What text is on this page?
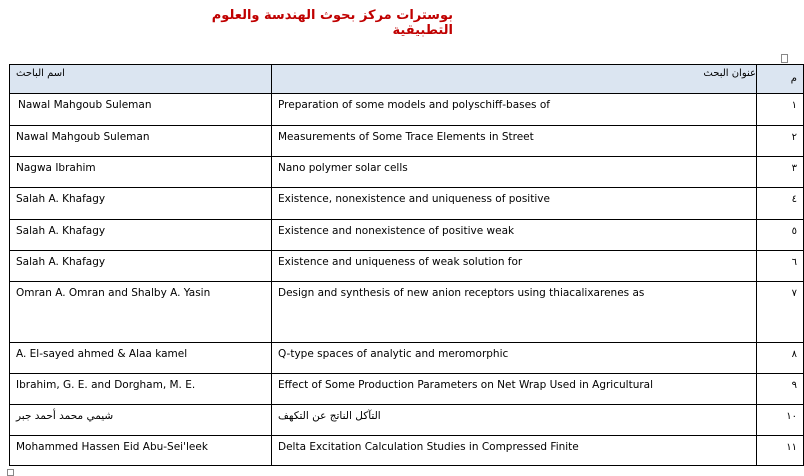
بوسترات مركز بحوث الهندسة والعلوم التطبيقية
اسم الباحث	عنوان البحث	م

Nawal Mahgoub Suleman	Preparation of some models and polyschiff-bases of	١

Nawal Mahgoub Suleman	Measurements of Some Trace Elements in Street	٢

Nagwa Ibrahim	Nano polymer solar cells	٣

Salah A. Khafagy	Existence, nonexistence and uniqueness of positive	٤

Salah A. Khafagy	Existence and nonexistence of positive weak	٥

Salah A. Khafagy	Existence and uniqueness of weak solution for	٦

Omran A. Omran and Shalby A. Yasin	Design and synthesis of new anion receptors using thiacalixarenes as	٧

A. El-sayed ahmed & Alaa kamel	Q-type spaces of analytic and meromorphic	٨

Ibrahim, G. E. and Dorgham, M. E.	Effect of Some Production Parameters on Net Wrap Used in Agricultural	٩

شيمي محمد أحمد جبر	التآكل الناتج عن التكهف	١٠

Mohammed Hassen Eid Abu-Sei'leek	Delta Excitation Calculation Studies in Compressed Finite	١١
